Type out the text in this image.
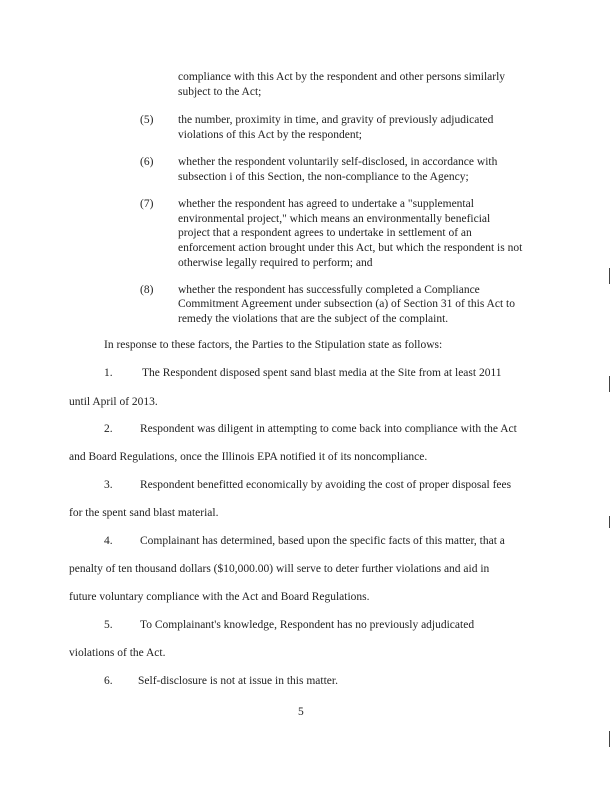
compliance with this Act by the respondent and other persons similarly
subject to the Act;
(5) the number, proximity in time, and gravity of previously adjudicated
violations of this Act by the respondent;
(6) whether the respondent voluntarily self-disclosed, in accordance with
subsection i of this Section, the non-compliance to the Agency;
(7) whether the respondent has agreed to undertake a "supplemental
environmental project," which means an environmentally beneficial
project that a respondent agrees to undertake in settlement of an
enforcement action brought under this Act, but which the respondent is not
otherwise legally required to perform; and
(8) whether the respondent has successfully completed a Compliance
Commitment Agreement under subsection (a) of Section 31 of this Act to
remedy the violations that are the subject of the complaint.
In response to these factors, the Parties to the Stipulation state as follows:
1.	The Respondent disposed spent sand blast media at the Site from at least 2011
until April of 2013.
2. Respondent was diligent in attempting to come back into compliance with the Act
and Board Regulations, once the Illinois EPA notified it of its noncompliance.
3. Respondent benefitted economically by avoiding the cost of proper disposal fees
for the spent sand blast material.
4. Complainant has determined, based upon the specific facts of this matter, that a
penalty of ten thousand dollars ($10,000.00) will serve to deter further violations and aid in
future voluntary compliance with the Act and Board Regulations.
5. To Complainant's knowledge, Respondent has no previously adjudicated
violations of the Act.
6. Self-disclosure is not at issue in this matter.
5
